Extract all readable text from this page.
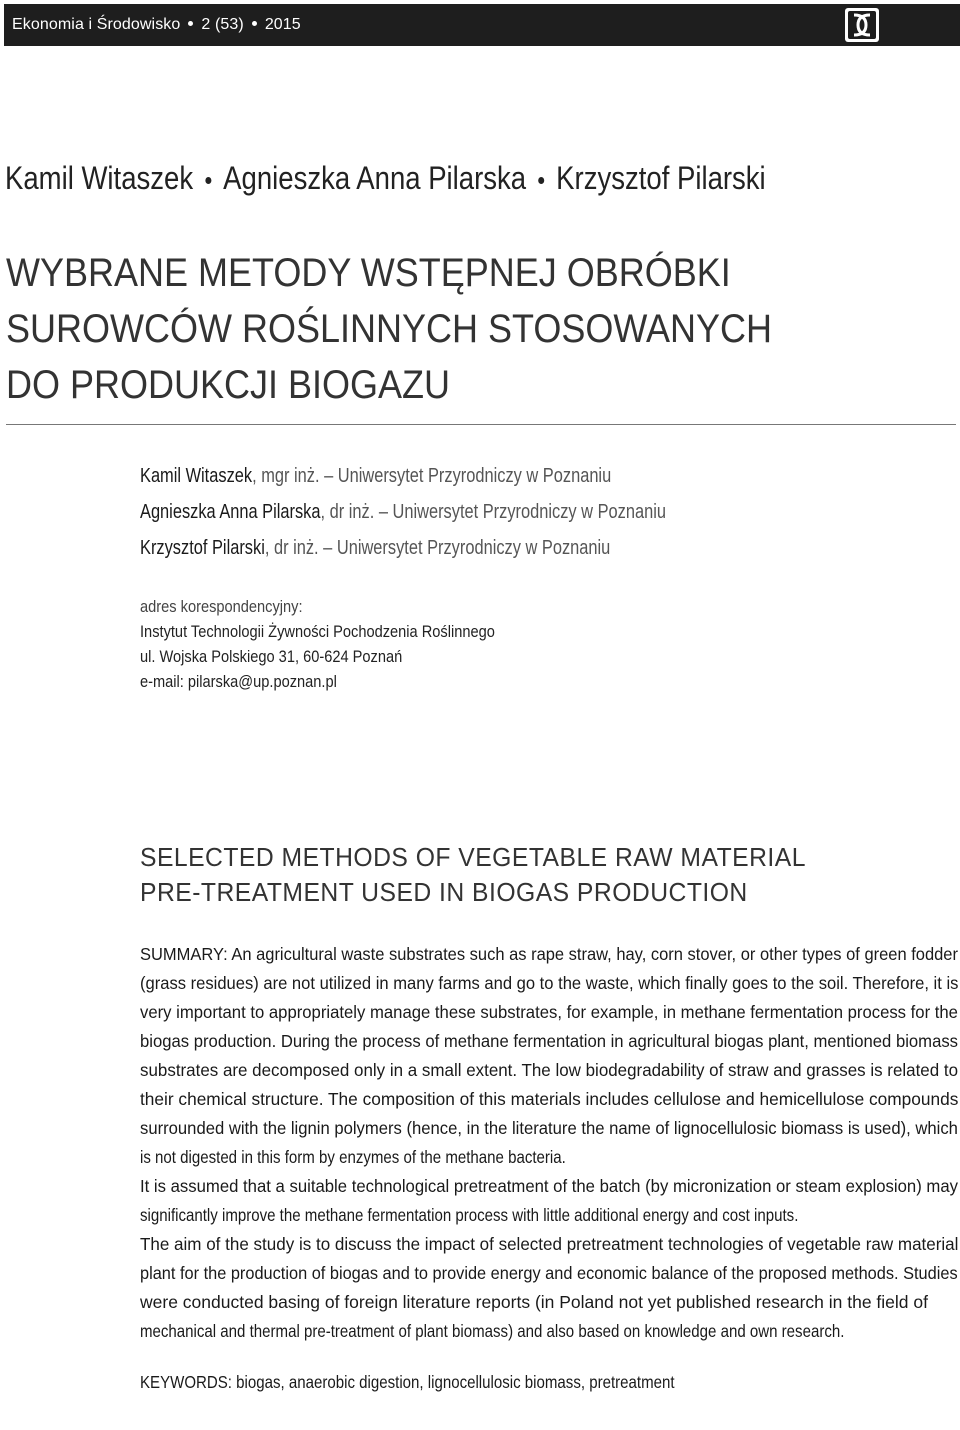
Ekonomia i Środowisko 2 (53) 2015
Kamil Witaszek Agnieszka Anna Pilarska Krzysztof Pilarski
WYBRANE METODY WSTĘPNEJ OBRÓBKI
SUROWCÓW ROŚLINNYCH STOSOWANYCH
DO PRODUKCJI BIOGAZU
Kamil Witaszek, mgr inż. – Uniwersytet Przyrodniczy w Poznaniu
Agnieszka Anna Pilarska, dr inż. – Uniwersytet Przyrodniczy w Poznaniu
Krzysztof Pilarski, dr inż. – Uniwersytet Przyrodniczy w Poznaniu
adres korespondencyjny:
Instytut Technologii Żywności Pochodzenia Roślinnego
ul. Wojska Polskiego 31, 60-624 Poznań
e-mail: pilarska@up.poznan.pl
SELECTED METHODS OF VEGETABLE RAW MATERIAL
PRE-TREATMENT USED IN BIOGAS PRODUCTION
SUMMARY: An agricultural waste substrates such as rape straw, hay, corn stover, or other types of green fodder
(grass residues) are not utilized in many farms and go to the waste, which finally goes to the soil. Therefore, it is
very important to appropriately manage these substrates, for example, in methane fermentation process for the
biogas production. During the process of methane fermentation in agricultural biogas plant, mentioned biomass
substrates are decomposed only in a small extent. The low biodegradability of straw and grasses is related to
their chemical structure. The composition of this materials includes cellulose and hemicellulose compounds
surrounded with the lignin polymers (hence, in the literature the name of lignocellulosic biomass is used), which
is not digested in this form by enzymes of the methane bacteria.
It is assumed that a suitable technological pretreatment of the batch (by micronization or steam explosion) may
significantly improve the methane fermentation process with little additional energy and cost inputs.
The aim of the study is to discuss the impact of selected pretreatment technologies of vegetable raw material
plant for the production of biogas and to provide energy and economic balance of the proposed methods. Studies
were conducted basing of foreign literature reports (in Poland not yet published research in the field of
mechanical and thermal pre-treatment of plant biomass) and also based on knowledge and own research.
KEYWORDS: biogas, anaerobic digestion, lignocellulosic biomass, pretreatment
